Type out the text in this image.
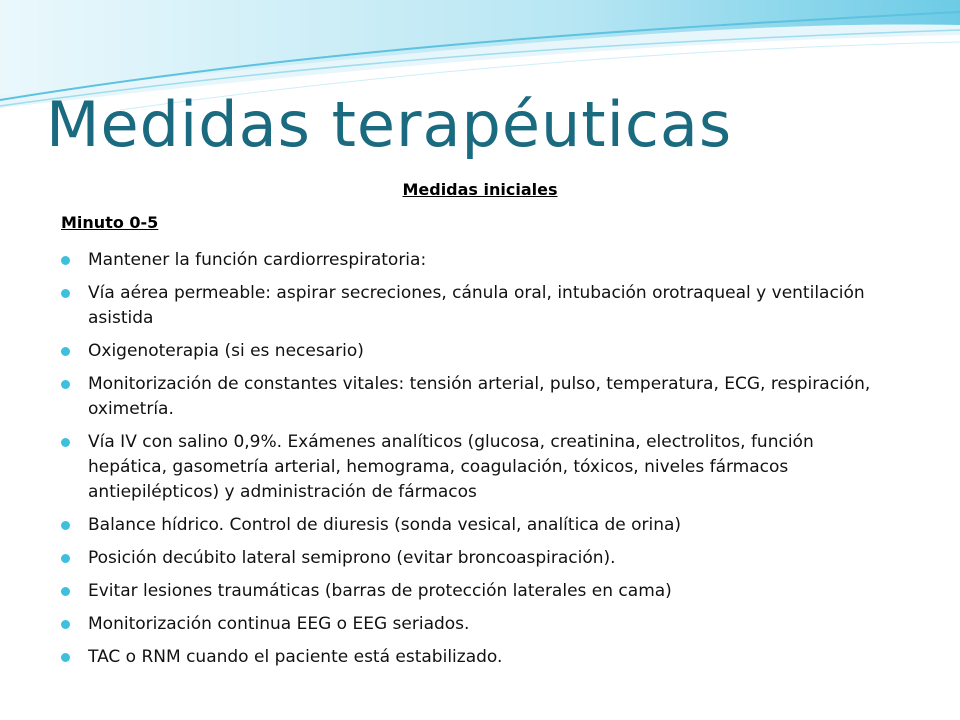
Medidas terapéuticas
Medidas iniciales
Minuto 0-5
Mantener la función cardiorrespiratoria:
Vía aérea permeable: aspirar secreciones, cánula oral, intubación orotraqueal y ventilación asistida
Oxigenoterapia (si es necesario)
Monitorización de constantes vitales: tensión arterial, pulso, temperatura, ECG, respiración, oximetría.
Vía IV con salino 0,9%. Exámenes analíticos (glucosa, creatinina, electrolitos, función hepática, gasometría arterial, hemograma, coagulación, tóxicos, niveles fármacos antiepilépticos) y administración de fármacos
Balance hídrico. Control de diuresis (sonda vesical, analítica de orina)
Posición decúbito lateral semiprono (evitar broncoaspiración).
Evitar lesiones traumáticas (barras de protección laterales en cama)
Monitorización continua EEG o EEG seriados.
TAC o RNM cuando el paciente está estabilizado.
